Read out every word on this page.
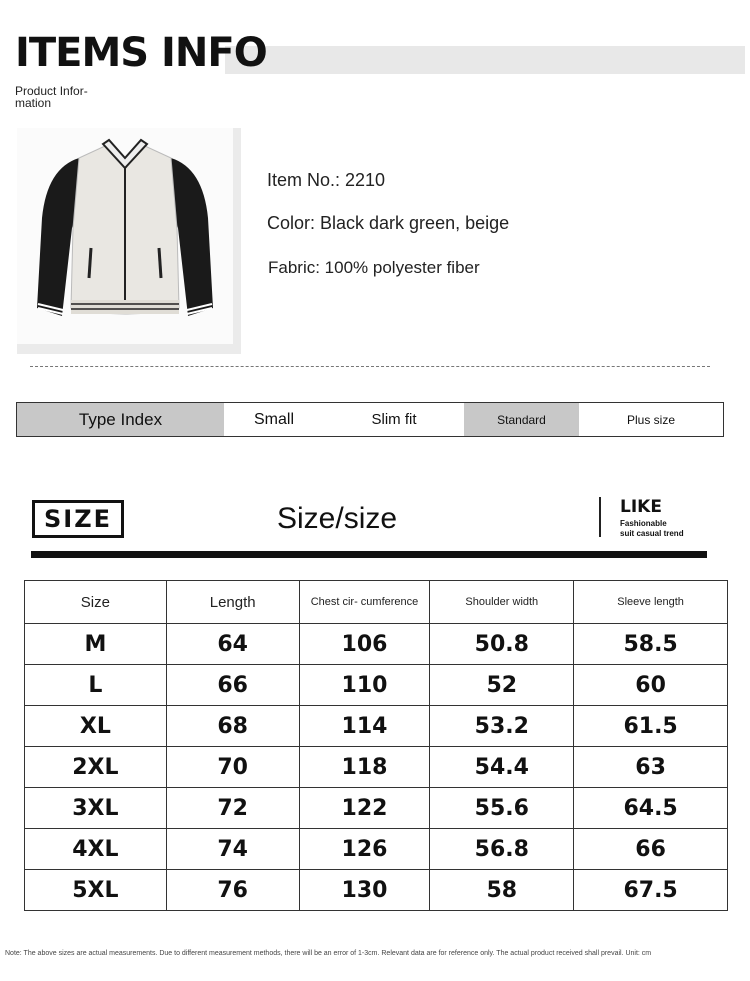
ITEMS INFO
Product Infor- mation
Item No.: 2210
Color: Black dark green, beige
Fabric: 100% polyester fiber
Type Index	Small	Slim fit	Standard	Plus size
SIZE	Size/size	LIKE
Fashionable
suit casual trend
Size	Length	Chest cir- cumference	Shoulder width	Sleeve length
M	64	106	50.8	58.5
L	66	110	52	60
XL	68	114	53.2	61.5
2XL	70	118	54.4	63
3XL	72	122	55.6	64.5
4XL	74	126	56.8	66
5XL	76	130	58	67.5
Note: The above sizes are actual measurements. Due to different measurement methods, there will be an error of 1-3cm. Relevant data are for reference only. The actual product received shall prevail. Unit: cm
